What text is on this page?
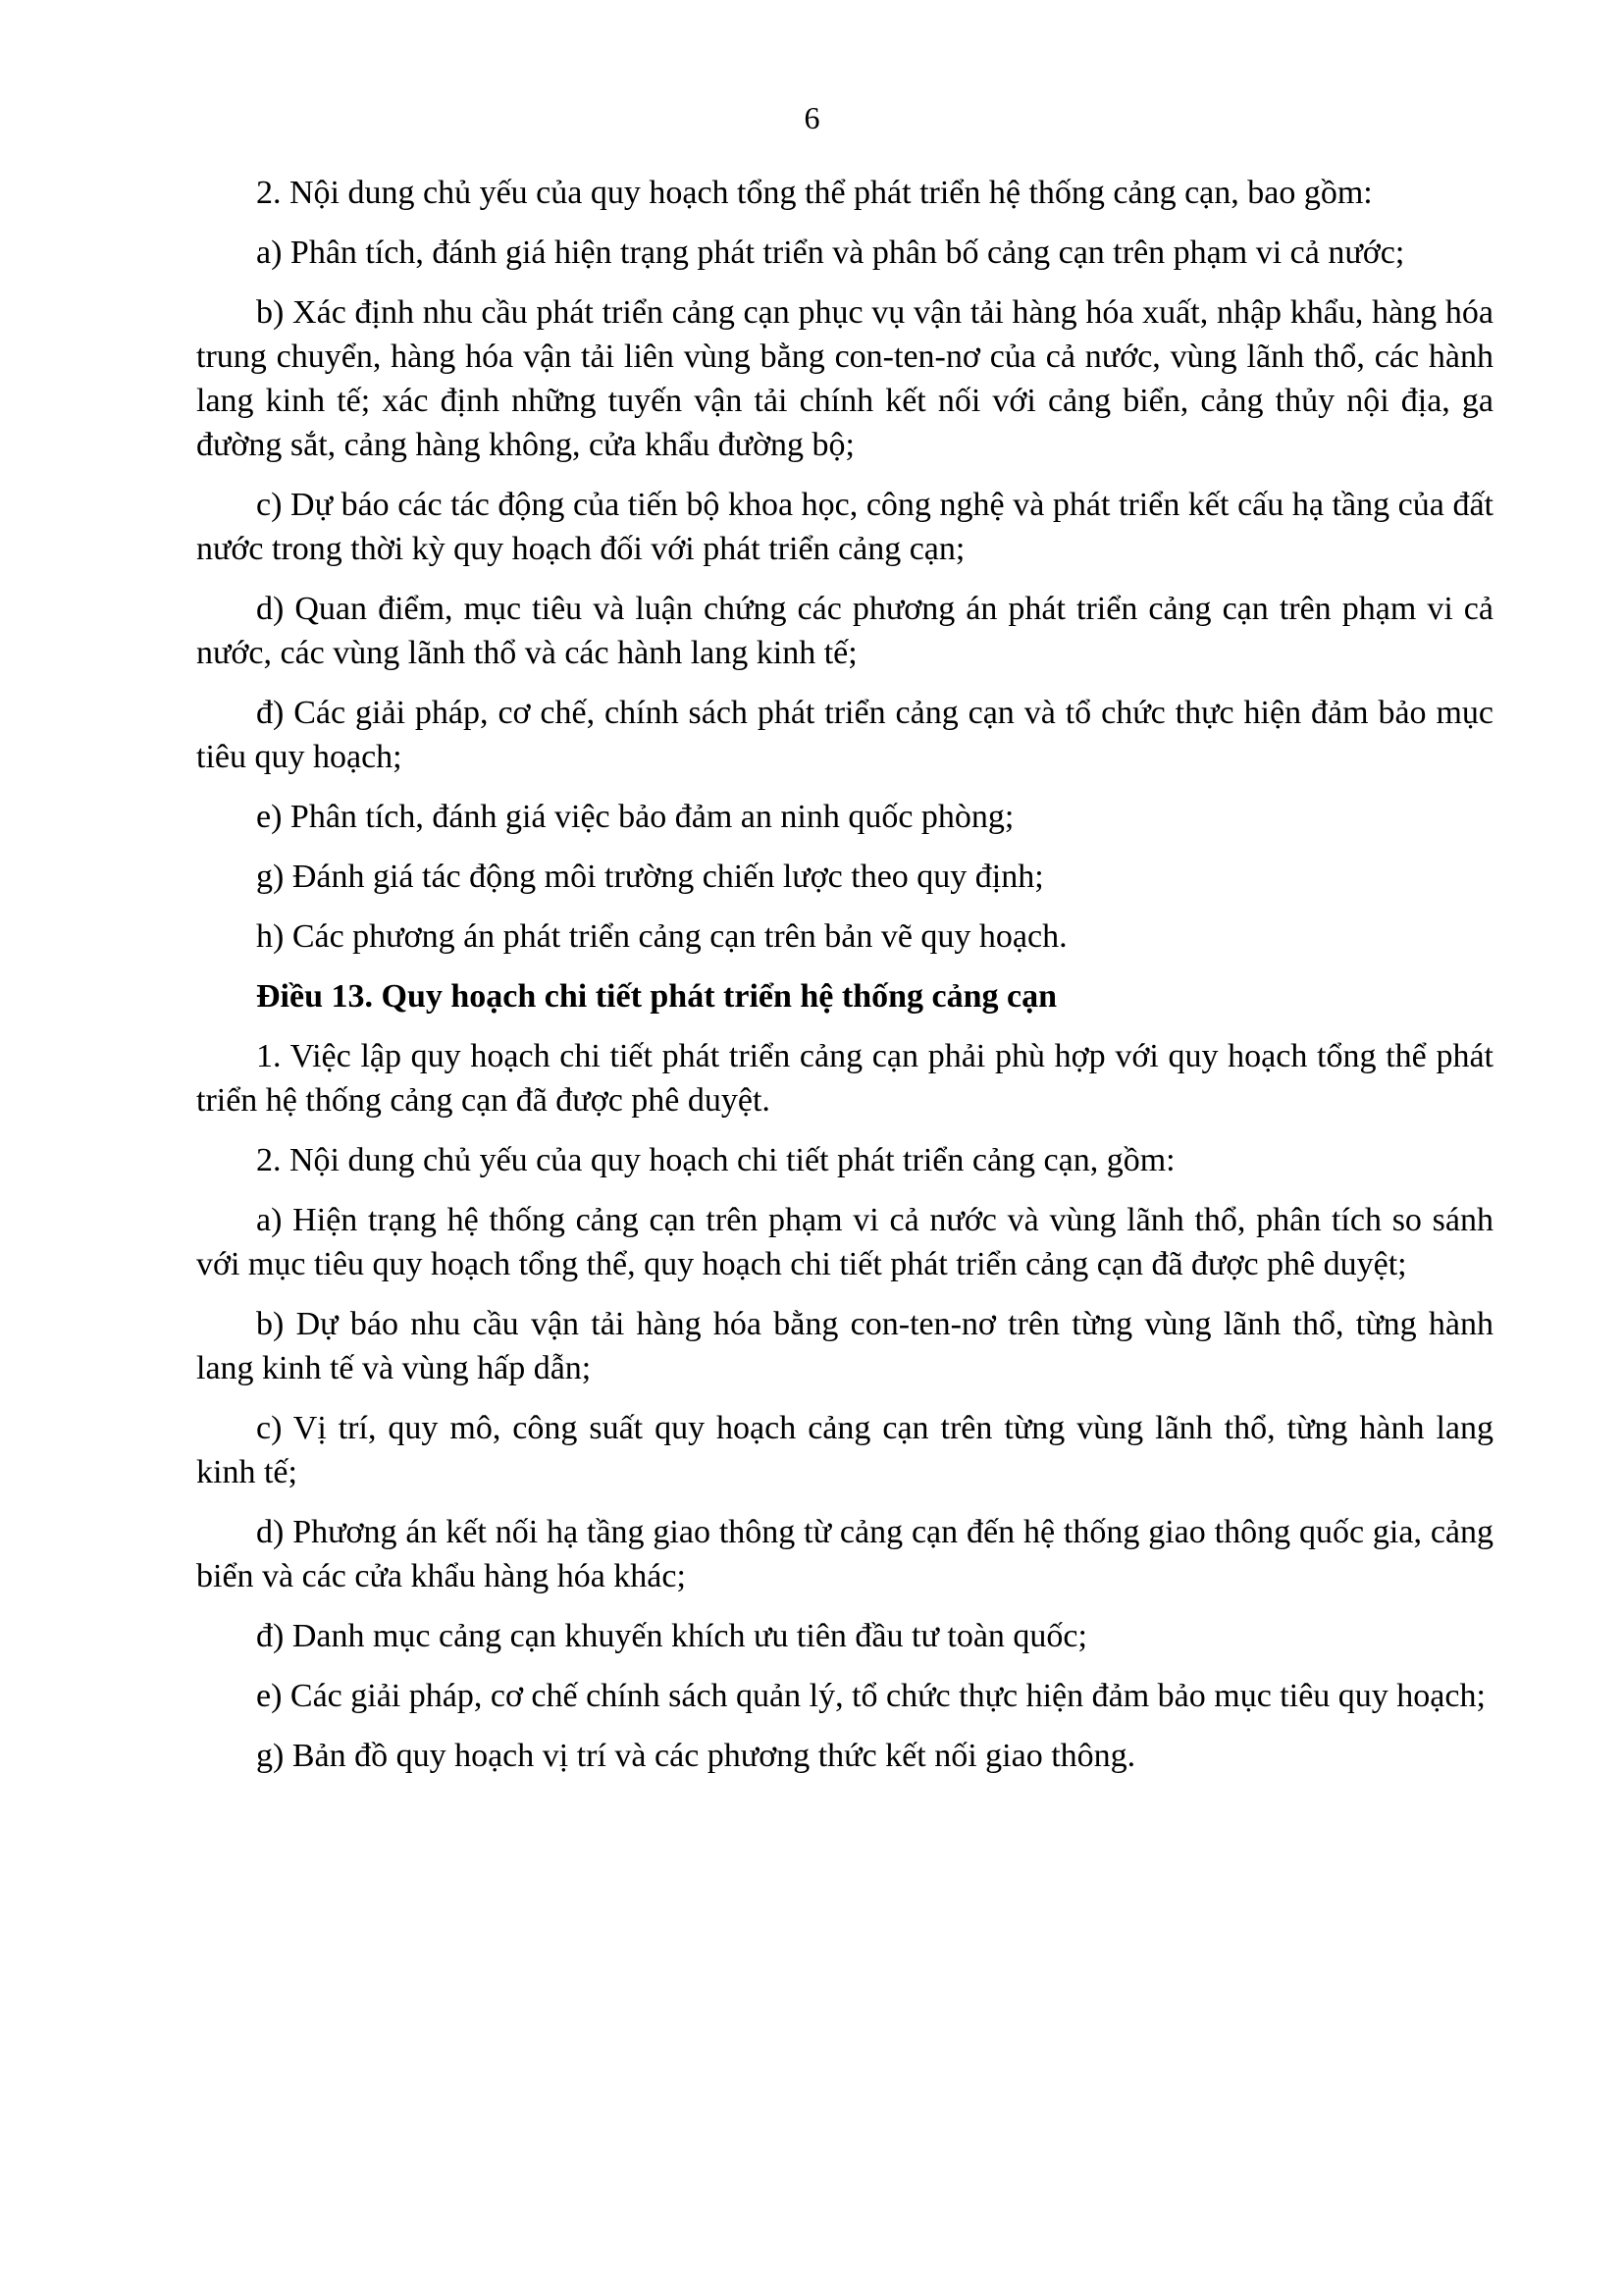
6

2. Nội dung chủ yếu của quy hoạch tổng thể phát triển hệ thống cảng cạn, bao gồm:

a) Phân tích, đánh giá hiện trạng phát triển và phân bố cảng cạn trên phạm vi cả nước;

b) Xác định nhu cầu phát triển cảng cạn phục vụ vận tải hàng hóa xuất, nhập khẩu, hàng hóa trung chuyển, hàng hóa vận tải liên vùng bằng con-ten-nơ của cả nước, vùng lãnh thổ, các hành lang kinh tế; xác định những tuyến vận tải chính kết nối với cảng biển, cảng thủy nội địa, ga đường sắt, cảng hàng không, cửa khẩu đường bộ;

c) Dự báo các tác động của tiến bộ khoa học, công nghệ và phát triển kết cấu hạ tầng của đất nước trong thời kỳ quy hoạch đối với phát triển cảng cạn;

d) Quan điểm, mục tiêu và luận chứng các phương án phát triển cảng cạn trên phạm vi cả nước, các vùng lãnh thổ và các hành lang kinh tế;

đ) Các giải pháp, cơ chế, chính sách phát triển cảng cạn và tổ chức thực hiện đảm bảo mục tiêu quy hoạch;

e) Phân tích, đánh giá việc bảo đảm an ninh quốc phòng;

g) Đánh giá tác động môi trường chiến lược theo quy định;

h) Các phương án phát triển cảng cạn trên bản vẽ quy hoạch.

Điều 13. Quy hoạch chi tiết phát triển hệ thống cảng cạn

1. Việc lập quy hoạch chi tiết phát triển cảng cạn phải phù hợp với quy hoạch tổng thể phát triển hệ thống cảng cạn đã được phê duyệt.

2. Nội dung chủ yếu của quy hoạch chi tiết phát triển cảng cạn, gồm:

a) Hiện trạng hệ thống cảng cạn trên phạm vi cả nước và vùng lãnh thổ, phân tích so sánh với mục tiêu quy hoạch tổng thể, quy hoạch chi tiết phát triển cảng cạn đã được phê duyệt;

b) Dự báo nhu cầu vận tải hàng hóa bằng con-ten-nơ trên từng vùng lãnh thổ, từng hành lang kinh tế và vùng hấp dẫn;

c) Vị trí, quy mô, công suất quy hoạch cảng cạn trên từng vùng lãnh thổ, từng hành lang kinh tế;

d) Phương án kết nối hạ tầng giao thông từ cảng cạn đến hệ thống giao thông quốc gia, cảng biển và các cửa khẩu hàng hóa khác;

đ) Danh mục cảng cạn khuyến khích ưu tiên đầu tư toàn quốc;

e) Các giải pháp, cơ chế chính sách quản lý, tổ chức thực hiện đảm bảo mục tiêu quy hoạch;

g) Bản đồ quy hoạch vị trí và các phương thức kết nối giao thông.
